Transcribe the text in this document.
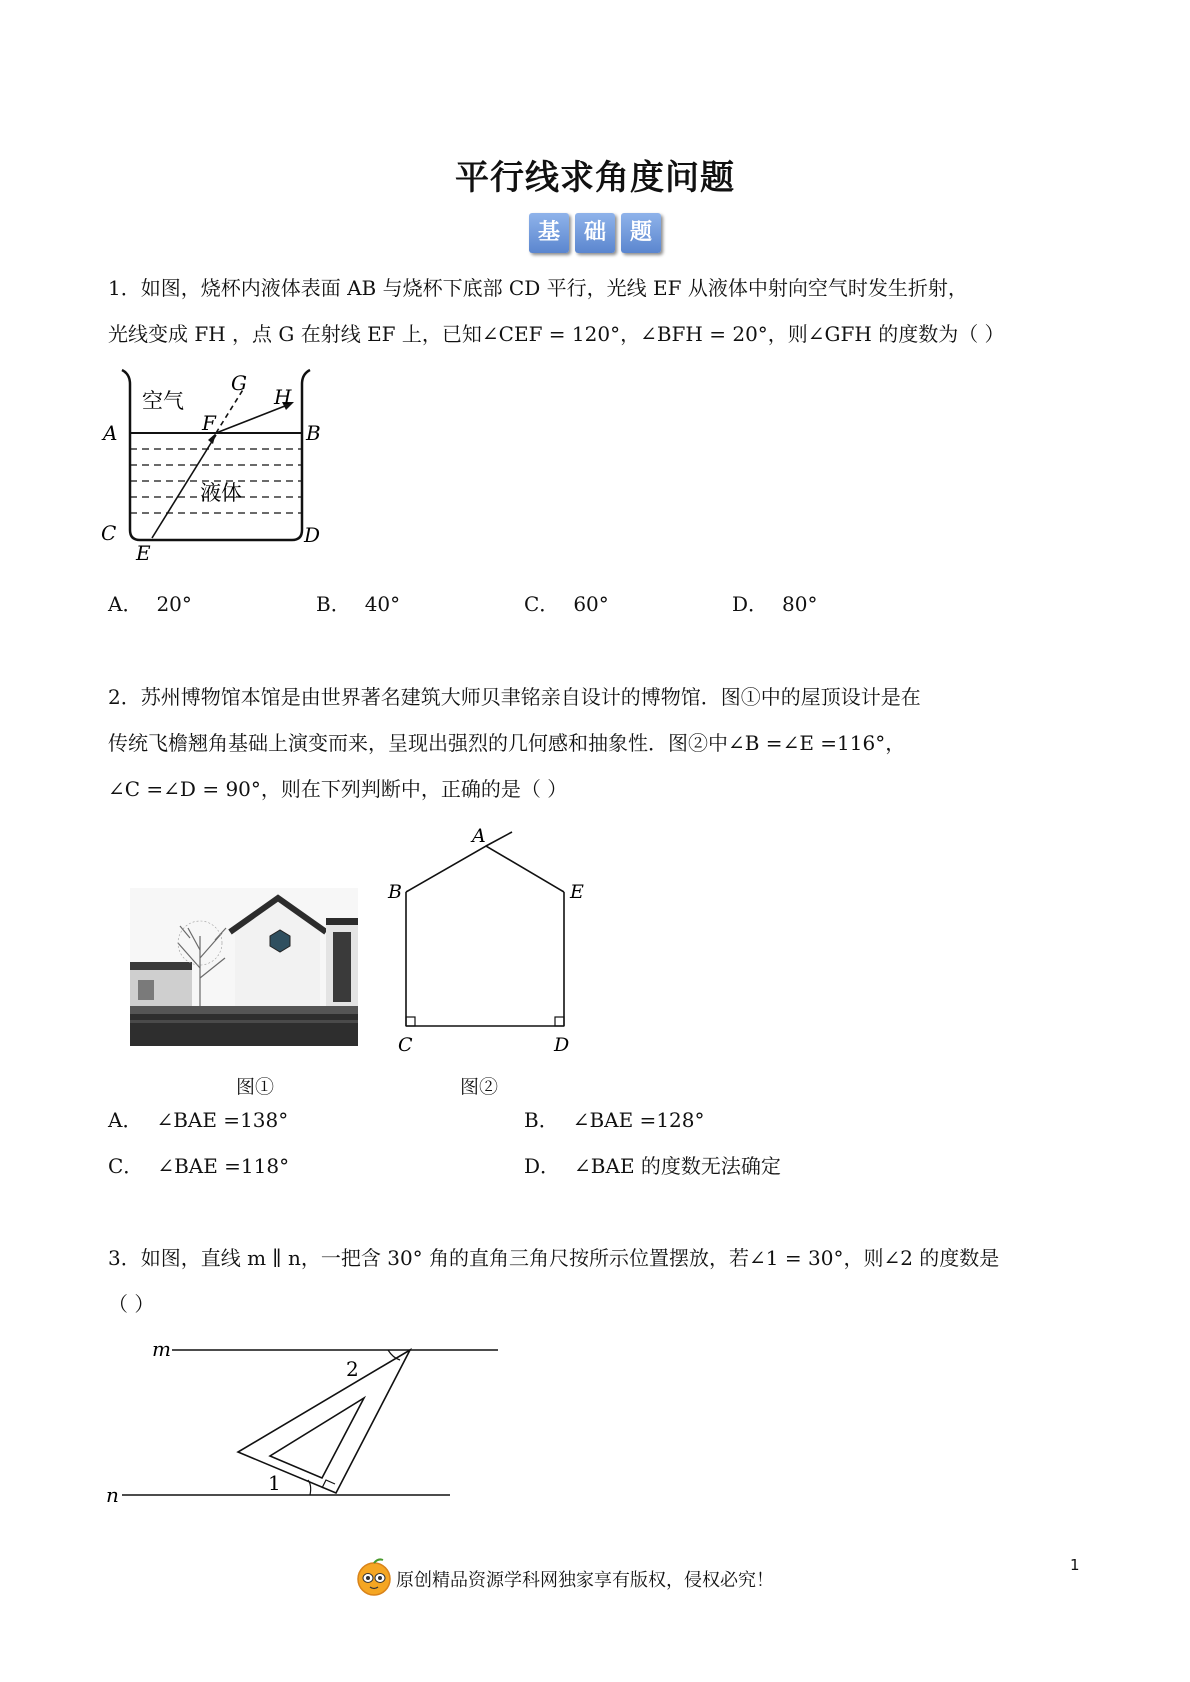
平行线求角度问题
基	础	题
1．如图，烧杯内液体表面 AB 与烧杯下底部 CD 平行，光线 EF 从液体中射向空气时发生折射，
光线变成 FH ，点 G 在射线 EF 上，已知∠CEF = 120°，∠BFH = 20°，则∠GFH 的度数为（ ）
空气
液体
A	B
C	D
E
F
G
H
A． 20°	B． 40°	C． 60°	D． 80°
2．苏州博物馆本馆是由世界著名建筑大师贝聿铭亲自设计的博物馆．图①中的屋顶设计是在
传统飞檐翘角基础上演变而来，呈现出强烈的几何感和抽象性．图②中∠B =∠E =116°，
∠C =∠D = 90°，则在下列判断中，正确的是（ ）
图①
A
B
C	D
E
图②
A． ∠BAE =138°	B． ∠BAE =128°
C． ∠BAE =118°	D． ∠BAE 的度数无法确定
3．如图，直线 m ∥ n，一把含 30° 角的直角三角尺按所示位置摆放，若∠1 = 30°，则∠2 的度数是
（ ）
m
n	1
2
原创精品资源学科网独家享有版权，侵权必究！
1
